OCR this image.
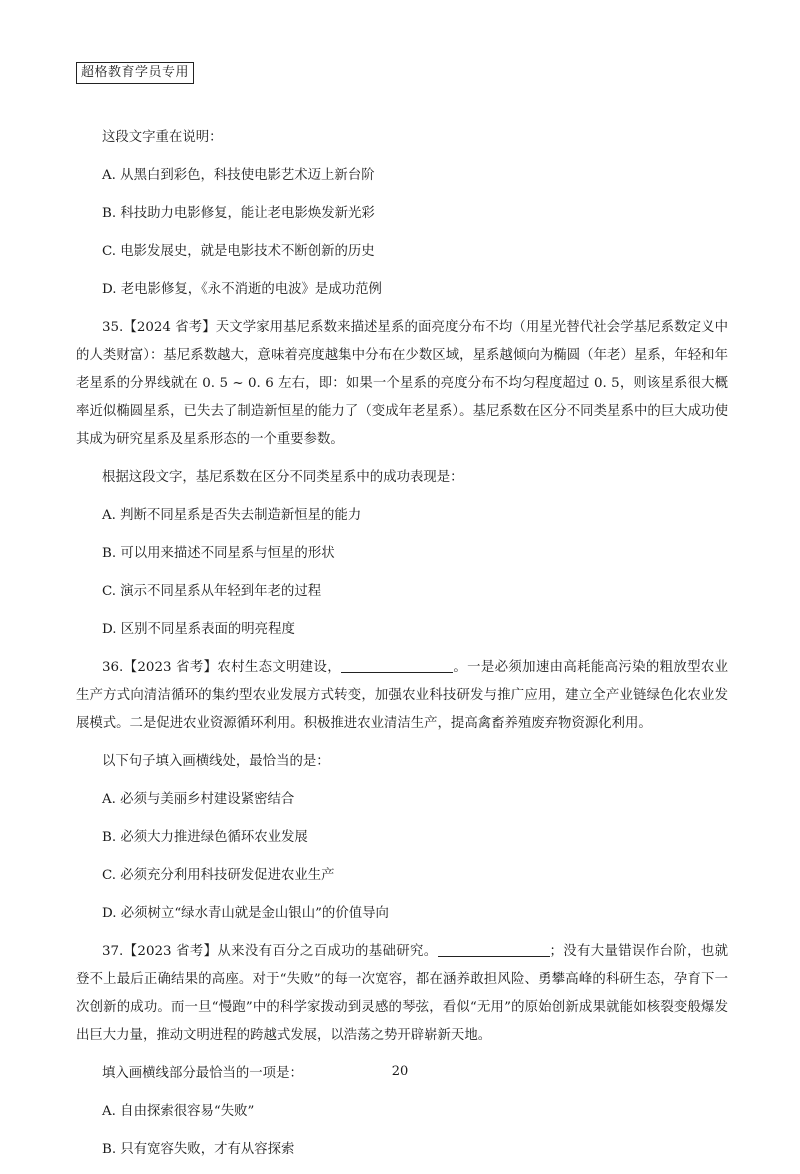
超格教育学员专用

这段文字重在说明：

A. 从黑白到彩色，科技使电影艺术迈上新台阶

B. 科技助力电影修复，能让老电影焕发新光彩

C. 电影发展史，就是电影技术不断创新的历史

D. 老电影修复，《永不消逝的电波》是成功范例

35.【2024 省考】天文学家用基尼系数来描述星系的面亮度分布不均（用星光替代社会学基尼系数定义中的人类财富）：基尼系数越大，意味着亮度越集中分布在少数区域，星系越倾向为椭圆（年老）星系，年轻和年老星系的分界线就在 0. 5 ~ 0. 6 左右，即：如果一个星系的亮度分布不均匀程度超过 0. 5，则该星系很大概率近似椭圆星系，已失去了制造新恒星的能力了（变成年老星系）。基尼系数在区分不同类星系中的巨大成功使其成为研究星系及星系形态的一个重要参数。

根据这段文字，基尼系数在区分不同类星系中的成功表现是：

A. 判断不同星系是否失去制造新恒星的能力

B. 可以用来描述不同星系与恒星的形状

C. 演示不同星系从年轻到年老的过程

D. 区别不同星系表面的明亮程度

36.【2023 省考】农村生态文明建设，	。一是必须加速由高耗能高污染的粗放型农业生产方式向清洁循环的集约型农业发展方式转变，加强农业科技研发与推广应用，建立全产业链绿色化农业发展模式。二是促进农业资源循环利用。积极推进农业清洁生产，提高禽畜养殖废弃物资源化利用。

以下句子填入画横线处，最恰当的是：

A. 必须与美丽乡村建设紧密结合

B. 必须大力推进绿色循环农业发展

C. 必须充分利用科技研发促进农业生产

D. 必须树立“绿水青山就是金山银山”的价值导向

37.【2023 省考】从来没有百分之百成功的基础研究。	；没有大量错误作台阶，也就登不上最后正确结果的高座。对于“失败”的每一次宽容，都在涵养敢担风险、勇攀高峰的科研生态，孕育下一次创新的成功。而一旦“慢跑”中的科学家拨动到灵感的琴弦，看似“无用”的原始创新成果就能如核裂变般爆发出巨大力量，推动文明进程的跨越式发展，以浩荡之势开辟崭新天地。

填入画横线部分最恰当的一项是：

A. 自由探索很容易“失败”

B. 只有宽容失败，才有从容探索

20
